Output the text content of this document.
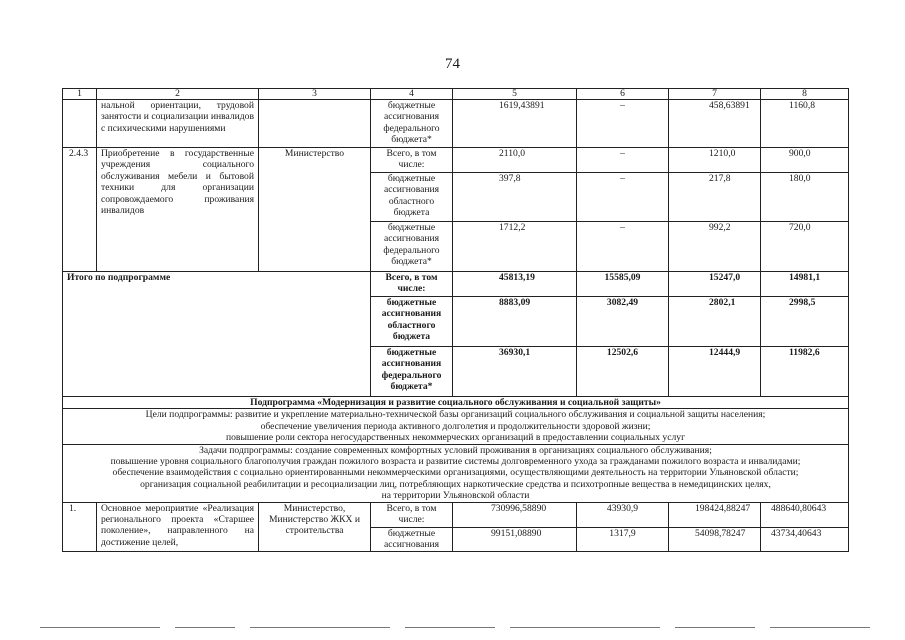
74
1	2	3	4	5	6	7	8
	нальной ориентации, трудовой занятости и социализации инвалидов с психическими нарушениями		бюджетные ассигнования федерального бюджета*	1619,43891	–	458,63891	1160,8
2.4.3	Приобретение в государственные учреждения социального обслуживания мебели и бытовой техники для организации сопровождаемого проживания инвалидов	Министерство	Всего, в том числе:	2110,0	–	1210,0	900,0
			бюджетные ассигнования областного бюджета	397,8	–	217,8	180,0
			бюджетные ассигнования федерального бюджета*	1712,2	–	992,2	720,0
Итого по подпрограмме			Всего, в том числе:	45813,19	15585,09	15247,0	14981,1
			бюджетные ассигнования областного бюджета	8883,09	3082,49	2802,1	2998,5
			бюджетные ассигнования федерального бюджета*	36930,1	12502,6	12444,9	11982,6
Подпрограмма «Модернизация и развитие социального обслуживания и социальной защиты»							

Цели подпрограммы: развитие и укрепление материально-технической базы организаций социального обслуживания и социальной защиты населения;
обеспечение увеличения периода активного долголетия и продолжительности здоровой жизни;
повышение роли сектора негосударственных некоммерческих организаций в предоставлении социальных услуг							

Задачи подпрограммы: создание современных комфортных условий проживания в организациях социального обслуживания;
повышение уровня социального благополучия граждан пожилого возраста и развитие системы долговременного ухода за гражданами пожилого возраста и инвалидами;
обеспечение взаимодействия с социально ориентированными некоммерческими организациями, осуществляющими деятельность на территории Ульяновской области;
организация социальной реабилитации и ресоциализации лиц, потребляющих наркотические средства и психотропные вещества в немедицинских целях,
на территории Ульяновской области							

1.	Основное мероприятие «Реализация регионального проекта «Старшее поколение», направленного на достижение целей,	Министерство, Министерство ЖКХ и строительства	Всего, в том числе:	730996,58890	43930,9	198424,88247	488640,80643
			бюджетные ассигнования	99151,08890	1317,9	54098,78247	43734,40643
